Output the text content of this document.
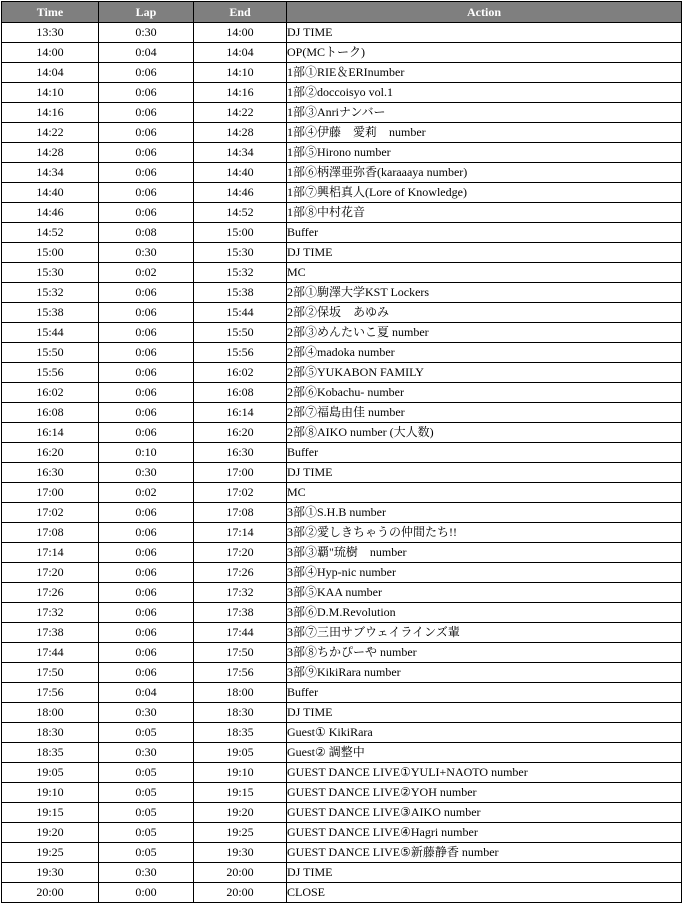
Time	Lap	End	Action
13:30	0:30	14:00	DJ TIME
14:00	0:04	14:04	OP(MCトーク)
14:04	0:06	14:10	1部①RIE＆ERInumber
14:10	0:06	14:16	1部②doccoisyo vol.1
14:16	0:06	14:22	1部③Anriナンバー
14:22	0:06	14:28	1部④伊藤　愛莉　number
14:28	0:06	14:34	1部⑤Hirono number
14:34	0:06	14:40	1部⑥柄澤亜弥香(karaaaya number)
14:40	0:06	14:46	1部⑦興梠真人(Lore of Knowledge)
14:46	0:06	14:52	1部⑧中村花音
14:52	0:08	15:00	Buffer
15:00	0:30	15:30	DJ TIME
15:30	0:02	15:32	MC
15:32	0:06	15:38	2部①駒澤大学KST Lockers
15:38	0:06	15:44	2部②保坂　あゆみ
15:44	0:06	15:50	2部③めんたいこ夏 number
15:50	0:06	15:56	2部④madoka number
15:56	0:06	16:02	2部⑤YUKABON FAMILY
16:02	0:06	16:08	2部⑥Kobachu- number
16:08	0:06	16:14	2部⑦福島由佳 number
16:14	0:06	16:20	2部⑧AIKO number (大人数)
16:20	0:10	16:30	Buffer
16:30	0:30	17:00	DJ TIME
17:00	0:02	17:02	MC
17:02	0:06	17:08	3部①S.H.B number
17:08	0:06	17:14	3部②愛しきちゃうの仲間たち!!
17:14	0:06	17:20	3部③覇"琉樹　number
17:20	0:06	17:26	3部④Hyp-nic number
17:26	0:06	17:32	3部⑤KAA number
17:32	0:06	17:38	3部⑥D.M.Revolution
17:38	0:06	17:44	3部⑦三田サブウェイラインズ輩
17:44	0:06	17:50	3部⑧ちかぴーや number
17:50	0:06	17:56	3部⑨KikiRara number
17:56	0:04	18:00	Buffer
18:00	0:30	18:30	DJ TIME
18:30	0:05	18:35	Guest① KikiRara
18:35	0:30	19:05	Guest② 調整中
19:05	0:05	19:10	GUEST DANCE LIVE①YULI+NAOTO number
19:10	0:05	19:15	GUEST DANCE LIVE②YOH number
19:15	0:05	19:20	GUEST DANCE LIVE③AIKO number
19:20	0:05	19:25	GUEST DANCE LIVE④Hagri number
19:25	0:05	19:30	GUEST DANCE LIVE⑤新藤静香 number
19:30	0:30	20:00	DJ TIME
20:00	0:00	20:00	CLOSE
